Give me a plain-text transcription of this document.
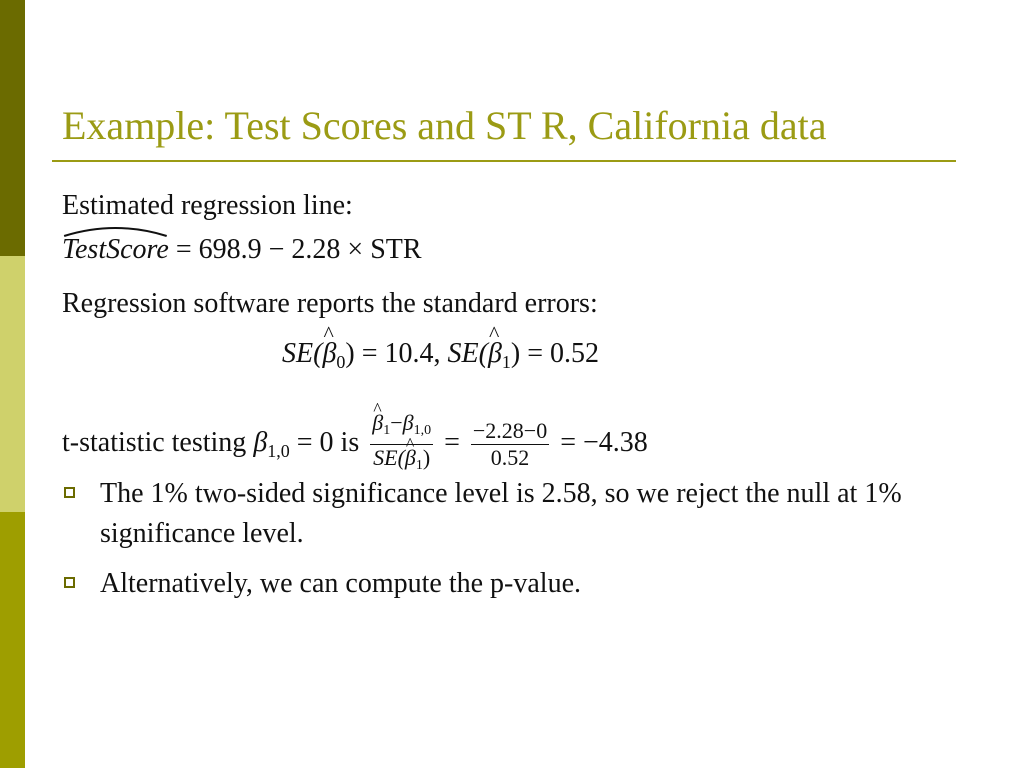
Example: Test Scores and ST R, California data
Estimated regression line:
TestScore = 698.9 − 2.28 × STR
Regression software reports the standard errors:
SE(^ $\beta_0) = 10.4$, SE(^ $\beta_1) = 0.52$
t-statistic testing $\beta_{1,0} = 0$ is
^ $\frac{\beta_1-\beta_{1,0}}{SE(\^{} \beta_1)} = \frac{-2.28-0}{0.52} = -4.38$
The 1% two-sided significance level is 2.58, so we reject the null at 1% significance level.
Alternatively, we can compute the p-value.
